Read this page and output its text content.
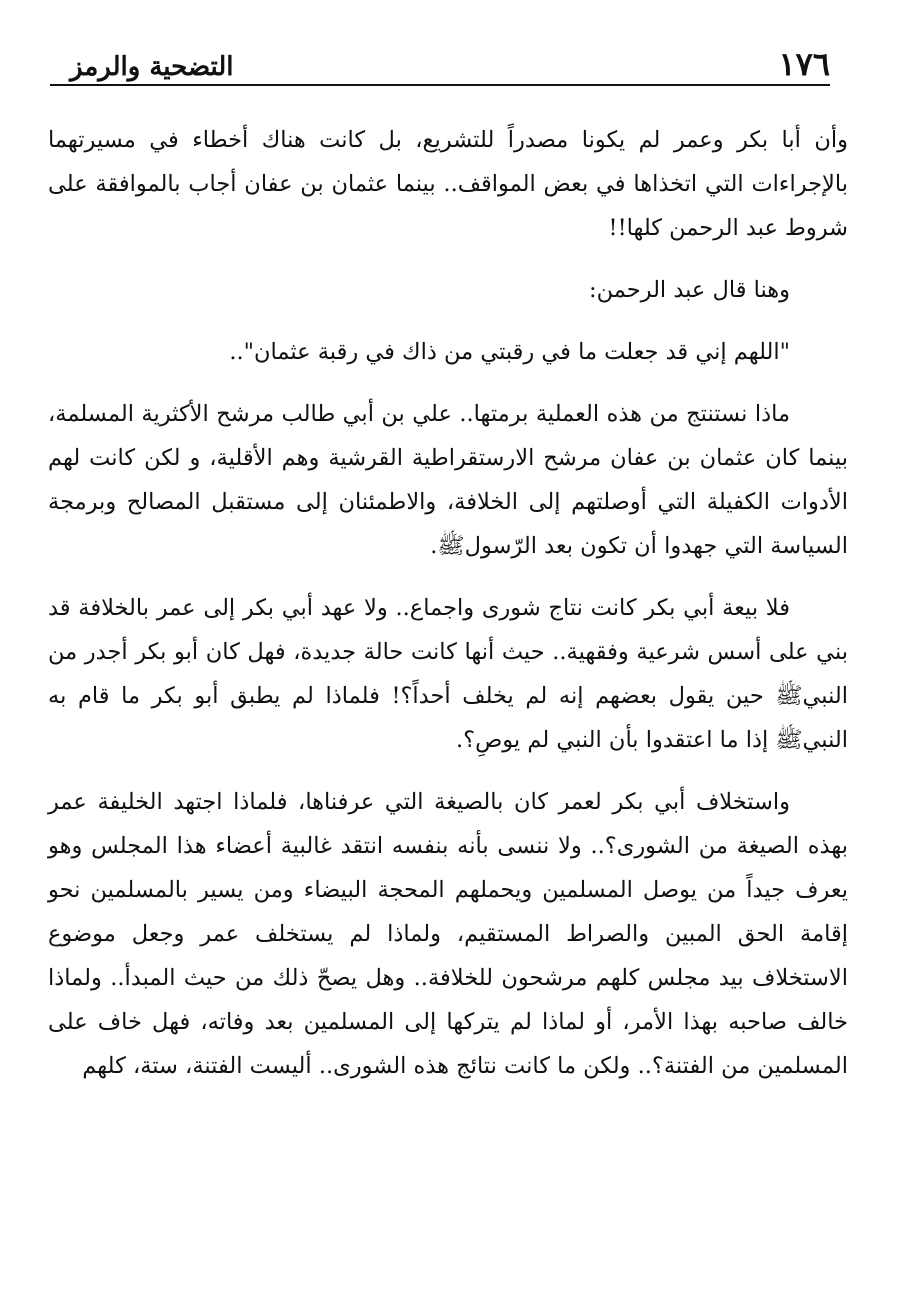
١٧٦
التضحية والرمز

وأن أبا بكر وعمر لم يكونا مصدراً للتشريع، بل كانت هناك أخطاء في مسيرتهما بالإجراءات التي اتخذاها في بعض المواقف.. بينما عثمان بن عفان أجاب بالموافقة على شروط عبد الرحمن كلها!!

وهنا قال عبد الرحمن:

"اللهم إني قد جعلت ما في رقبتي من ذاك في رقبة عثمان"..

ماذا نستنتج من هذه العملية برمتها.. علي بن أبي طالب مرشح الأكثرية المسلمة، بينما كان عثمان بن عفان مرشح الارستقراطية القرشية وهم الأقلية، و لكن كانت لهم الأدوات الكفيلة التي أوصلتهم إلى الخلافة، والاطمئنان إلى مستقبل المصالح وبرمجة السياسة التي جهدوا أن تكون بعد الرّسولﷺ.

فلا بيعة أبي بكر كانت نتاج شورى واجماع.. ولا عهد أبي بكر إلى عمر بالخلافة قد بني على أسس شرعية وفقهية.. حيث أنها كانت حالة جديدة، فهل كان أبو بكر أجدر من النبيﷺ حين يقول بعضهم إنه لم يخلف أحداً؟! فلماذا لم يطبق أبو بكر ما قام به النبيﷺ إذا ما اعتقدوا بأن النبي لم يوصِ؟.

واستخلاف أبي بكر لعمر كان بالصيغة التي عرفناها، فلماذا اجتهد الخليفة عمر بهذه الصيغة من الشورى؟.. ولا ننسى بأنه بنفسه انتقد غالبية أعضاء هذا المجلس وهو يعرف جيداً من يوصل المسلمين ويحملهم المحجة البيضاء ومن يسير بالمسلمين نحو إقامة الحق المبين والصراط المستقيم، ولماذا لم يستخلف عمر وجعل موضوع الاستخلاف بيد مجلس كلهم مرشحون للخلافة.. وهل يصحّ ذلك من حيث المبدأ.. ولماذا خالف صاحبه بهذا الأمر، أو لماذا لم يتركها إلى المسلمين بعد وفاته، فهل خاف على المسلمين من الفتنة؟.. ولكن ما كانت نتائج هذه الشورى.. أليست الفتنة، ستة، كلهم
